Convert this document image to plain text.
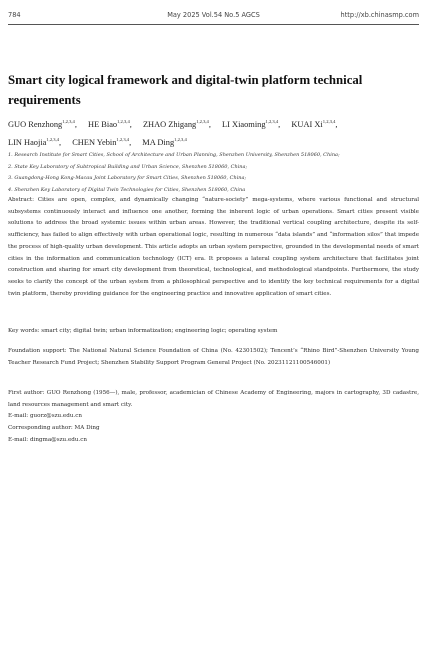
784	May 2025 Vol.54 No.5 AGCS	http://xb.chinasmp.com
Smart city logical framework and digital-twin platform technical requirements
GUO Renzhong$^{1,2,3,4}$, HE Biao$^{1,2,3,4}$, ZHAO Zhigang$^{1,2,3,4}$, LI Xiaoming$^{1,2,3,4}$, KUAI Xi$^{1,2,3,4}$,
LIN Haojia$^{1,2,3,4}$, CHEN Yebin$^{1,2,3,4}$, MA Ding$^{1,2,3,4}$
1. Research Institute for Smart Cities, School of Architecture and Urban Planning, Shenzhen University, Shenzhen 518060, China;
2. State Key Laboratory of Subtropical Building and Urban Science, Shenzhen 518060, China;
3. Guangdong-Hong Kong-Macau Joint Laboratory for Smart Cities, Shenzhen 518060, China;
4. Shenzhen Key Laboratory of Digital Twin Technologies for Cities, Shenzhen 518060, China
Abstract: Cities are open, complex, and dynamically changing “nature-society” mega-systems, where various functional and structural subsystems continuously interact and influence one another, forming the inherent logic of urban operations. Smart cities present visible solutions to address the broad systemic issues within urban areas. However, the traditional vertical coupling architecture, despite its self-sufficiency, has failed to align effectively with urban operational logic, resulting in numerous “data islands” and “information silos” that impede the process of high-quality urban development. This article adopts an urban system perspective, grounded in the developmental needs of smart cities in the information and communication technology (ICT) era. It proposes a lateral coupling system architecture that facilitates joint construction and sharing for smart city development from theoretical, technological, and methodological standpoints. Furthermore, the study seeks to clarify the concept of the urban system from a philosophical perspective and to identify the key technical requirements for a digital twin platform, thereby providing guidance for the engineering practice and innovative application of smart cities.
Key words: smart city; digital twin; urban informatization; engineering logic; operating system
Foundation support: The National Natural Science Foundation of China (No. 42301502); Tencent’s “Rhino Bird”-Shenzhen University Young Teacher Research Fund Project; Shenzhen Stability Support Program General Project (No. 20231121100546001)
First author: GUO Renzhong (1956—), male, professor, academician of Chinese Academy of Engineering, majors in cartography, 3D cadastre, land resources management and smart city.
E-mail: guorz@szu.edu.cn
Corresponding author: MA Ding
E-mail: dingma@szu.edu.cn
